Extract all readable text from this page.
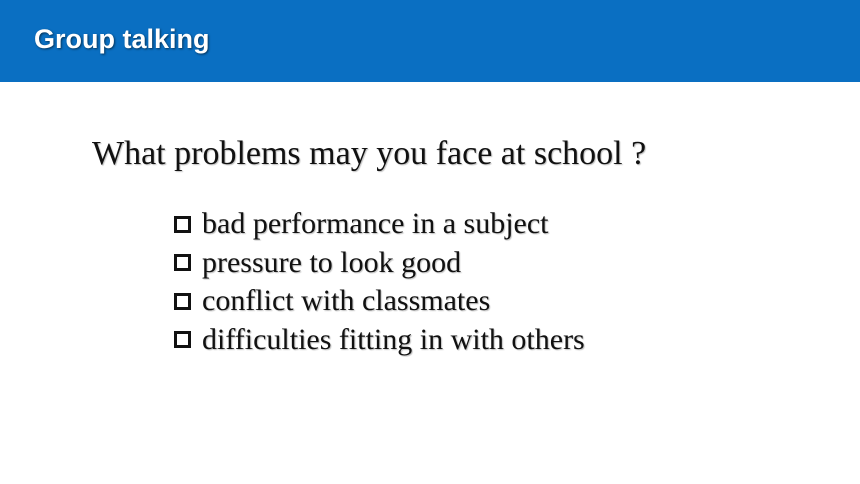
Group talking
What problems may you face at school ?
bad performance in a subject
pressure to look good
conflict with classmates
difficulties fitting in with others
